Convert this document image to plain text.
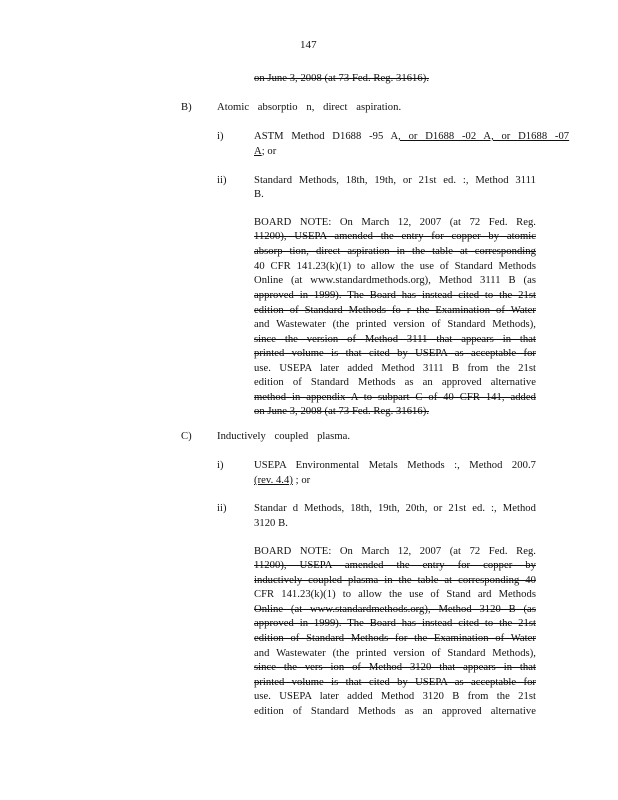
147
on June 3, 2008 (at 73 Fed. Reg. 31616).
B) Atomic absorptio n, direct aspiration.
i)	ASTM Method D1688 -95 A, or D1688 -02 A, or D1688 -07
A; or
ii)	Standard Methods, 18th, 19th, or 21st ed. :, Method 3111
B.
BOARD NOTE: On March 12, 2007 (at 72 Fed. Reg.
11200), USEPA amended the entry for copper by atomic
absorp tion, direct aspiration in the table at corresponding
40 CFR 141.23(k)(1) to allow the use of Standard Methods
Online (at www.standardmethods.org), Method 3111 B (as
approved in 1999). The Board has instead cited to the 21st
edition of Standard Methods fo r the Examination of Water
and Wastewater (the printed version of Standard Methods),
since the version of Method 3111 that appears in that
printed volume is that cited by USEPA as acceptable for
use. USEPA later added Method 3111 B from the 21st
edition of Standard Methods as an approved alternative
method in appendix A to subpart C of 40 CFR 141, added
on June 3, 2008 (at 73 Fed. Reg. 31616).
C) Inductively coupled plasma.
i)	USEPA Environmental Metals Methods :, Method 200.7
(rev. 4.4) ; or
ii)	Standar d Methods, 18th, 19th, 20th, or 21st ed. :, Method
3120 B.
BOARD NOTE: On March 12, 2007 (at 72 Fed. Reg.
11200), USEPA amended the entry for copper by
inductively coupled plasma in the table at corresponding 40
CFR 141.23(k)(1) to allow the use of Stand ard Methods
Online (at www.standardmethods.org), Method 3120 B (as
approved in 1999). The Board has instead cited to the 21st
edition of Standard Methods for the Examination of Water
and Wastewater (the printed version of Standard Methods),
since the vers ion of Method 3120 that appears in that
printed volume is that cited by USEPA as acceptable for
use. USEPA later added Method 3120 B from the 21st
edition of Standard Methods as an approved alternative
